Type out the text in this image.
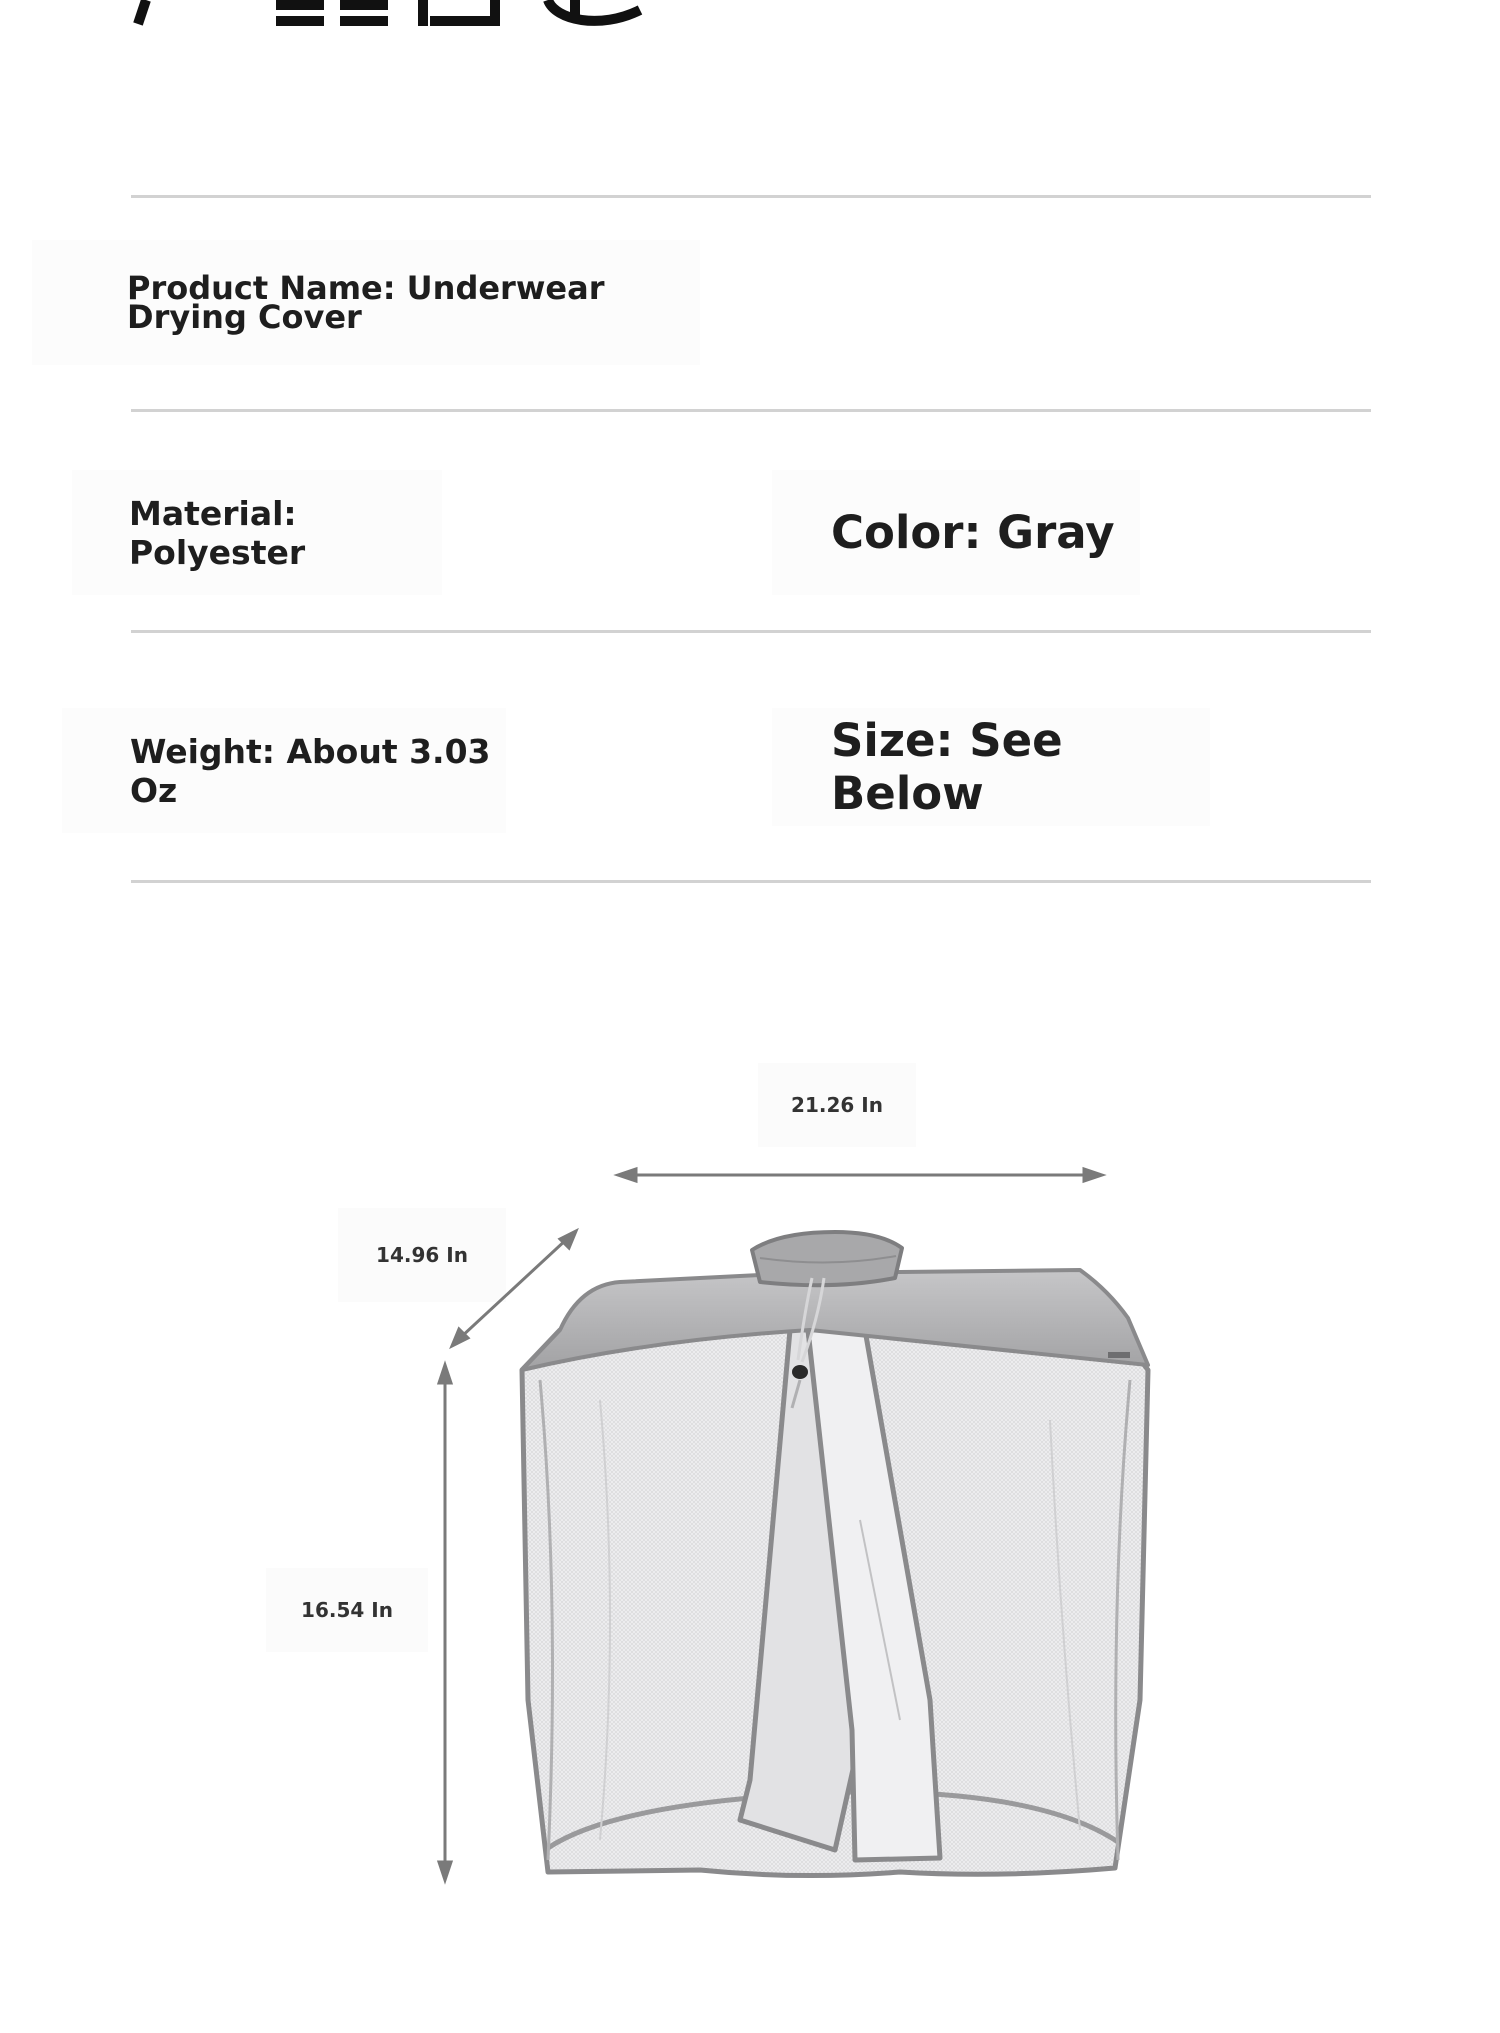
Product Name: Underwear
Drying Cover
Material: Polyester	Color: Gray
Weight: About 3.03 Oz
Size: See Below
21.26 In
14.96 In
16.54 In
